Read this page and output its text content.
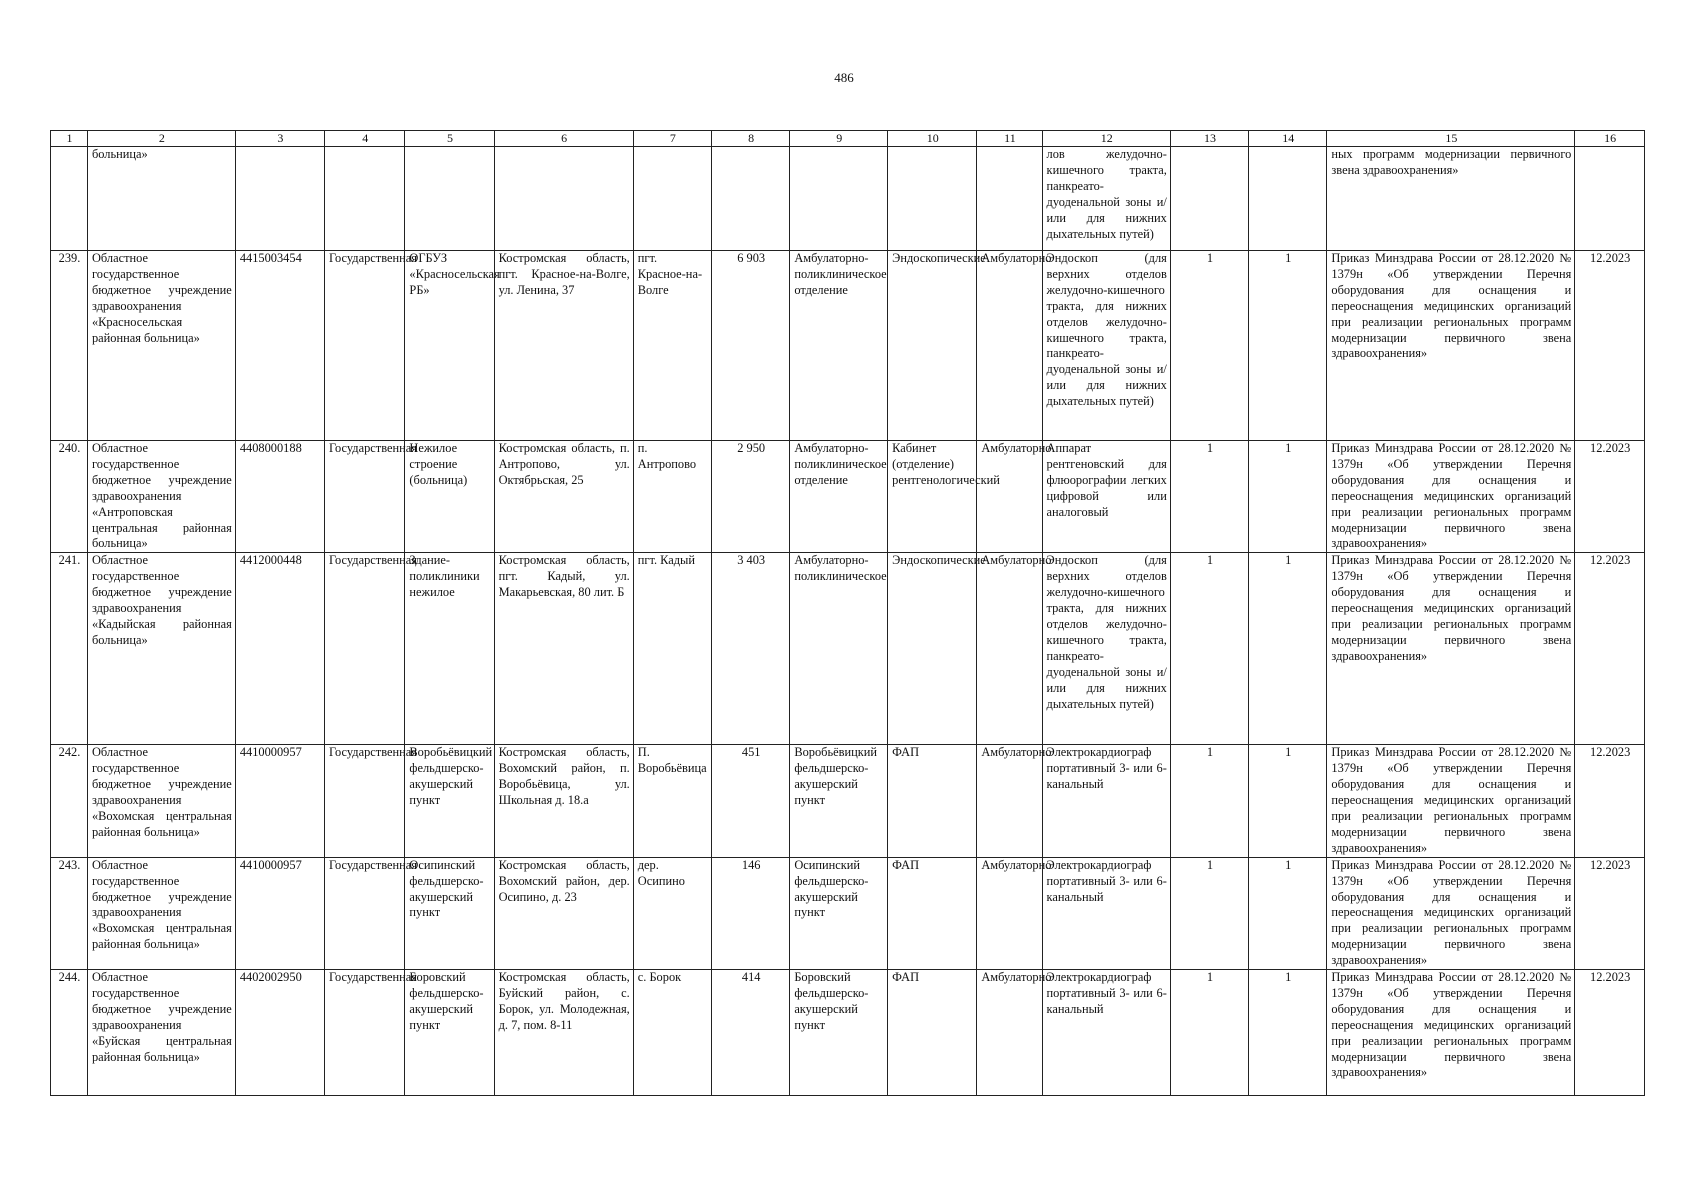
486
1	2	3	4	5	6	7	8	9	10	11	12	13	14	15	16
	больница»										лов желудочно-кишечного тракта, панкреато-дуоденальной зоны и/или для нижних дыхательных путей)			ных программ модернизации первичного звена здравоохранения»	
239.	Областное государственное бюджетное учреждение здравоохранения «Красносельская районная больница»	4415003454	Государственная	ОГБУЗ «Красносельская РБ»	Костромская область, пгт. Красное-на-Волге, ул. Ленина, 37	пгт. Красное-на-Волге	6 903	Амбулаторно-поликлиническое отделение	Эндоскопические	Амбулаторно	Эндоскоп (для верхних отделов желудочно-кишечного тракта, для нижних отделов желудочно-кишечного тракта, панкреато-дуоденальной зоны и/или для нижних дыхательных путей)	1	1	Приказ Минздрава России от 28.12.2020 № 1379н «Об утверждении Перечня оборудования для оснащения и переоснащения медицинских организаций при реализации региональных программ модернизации первичного звена здравоохранения»	12.2023
240.	Областное государственное бюджетное учреждение здравоохранения «Антроповская центральная районная больница»	4408000188	Государственная	Нежилое строение (больница)	Костромская область, п. Антропово, ул. Октябрьская, 25	п. Антропово	2 950	Амбулаторно-поликлиническое отделение	Кабинет (отделение) рентгенологический	Амбулаторно	Аппарат рентгеновский для флюорографии легких цифровой или аналоговый	1	1	Приказ Минздрава России от 28.12.2020 № 1379н «Об утверждении Перечня оборудования для оснащения и переоснащения медицинских организаций при реализации региональных программ модернизации первичного звена здравоохранения»	12.2023
241.	Областное государственное бюджетное учреждение здравоохранения «Кадыйская районная больница»	4412000448	Государственная	Здание-поликлиники нежилое	Костромская область, пгт. Кадый, ул. Макарьевская, 80 лит. Б	пгт. Кадый	3 403	Амбулаторно-поликлиническое	Эндоскопические	Амбулаторно	Эндоскоп (для верхних отделов желудочно-кишечного тракта, для нижних отделов желудочно-кишечного тракта, панкреато-дуоденальной зоны и/или для нижних дыхательных путей)	1	1	Приказ Минздрава России от 28.12.2020 № 1379н «Об утверждении Перечня оборудования для оснащения и переоснащения медицинских организаций при реализации региональных программ модернизации первичного звена здравоохранения»	12.2023
242.	Областное государственное бюджетное учреждение здравоохранения «Вохомская центральная районная больница»	4410000957	Государственная	Воробьёвицкий фельдшерско-акушерский пункт	Костромская область, Вохомский район, п. Воробьёвица, ул. Школьная д. 18.а	П. Воробьёвица	451	Воробьёвицкий фельдшерско-акушерский пункт	ФАП	Амбулаторно	Электрокардиограф портативный 3- или 6-канальный	1	1	Приказ Минздрава России от 28.12.2020 № 1379н «Об утверждении Перечня оборудования для оснащения и переоснащения медицинских организаций при реализации региональных программ модернизации первичного звена здравоохранения»	12.2023
243.	Областное государственное бюджетное учреждение здравоохранения «Вохомская центральная районная больница»	4410000957	Государственная	Осипинский фельдшерско-акушерский пункт	Костромская область, Вохомский район, дер. Осипино, д. 23	дер. Осипино	146	Осипинский фельдшерско-акушерский пункт	ФАП	Амбулаторно	Электрокардиограф портативный 3- или 6-канальный	1	1	Приказ Минздрава России от 28.12.2020 № 1379н «Об утверждении Перечня оборудования для оснащения и переоснащения медицинских организаций при реализации региональных программ модернизации первичного звена здравоохранения»	12.2023
244.	Областное государственное бюджетное учреждение здравоохранения «Буйская центральная районная больница»	4402002950	Государственная	Боровский фельдшерско-акушерский пункт	Костромская область, Буйский район, с. Борок, ул. Молодежная, д. 7, пом. 8-11	с. Борок	414	Боровский фельдшерско-акушерский пункт	ФАП	Амбулаторно	Электрокардиограф портативный 3- или 6-канальный	1	1	Приказ Минздрава России от 28.12.2020 № 1379н «Об утверждении Перечня оборудования для оснащения и переоснащения медицинских организаций при реализации региональных программ модернизации первичного звена здравоохранения»	12.2023
